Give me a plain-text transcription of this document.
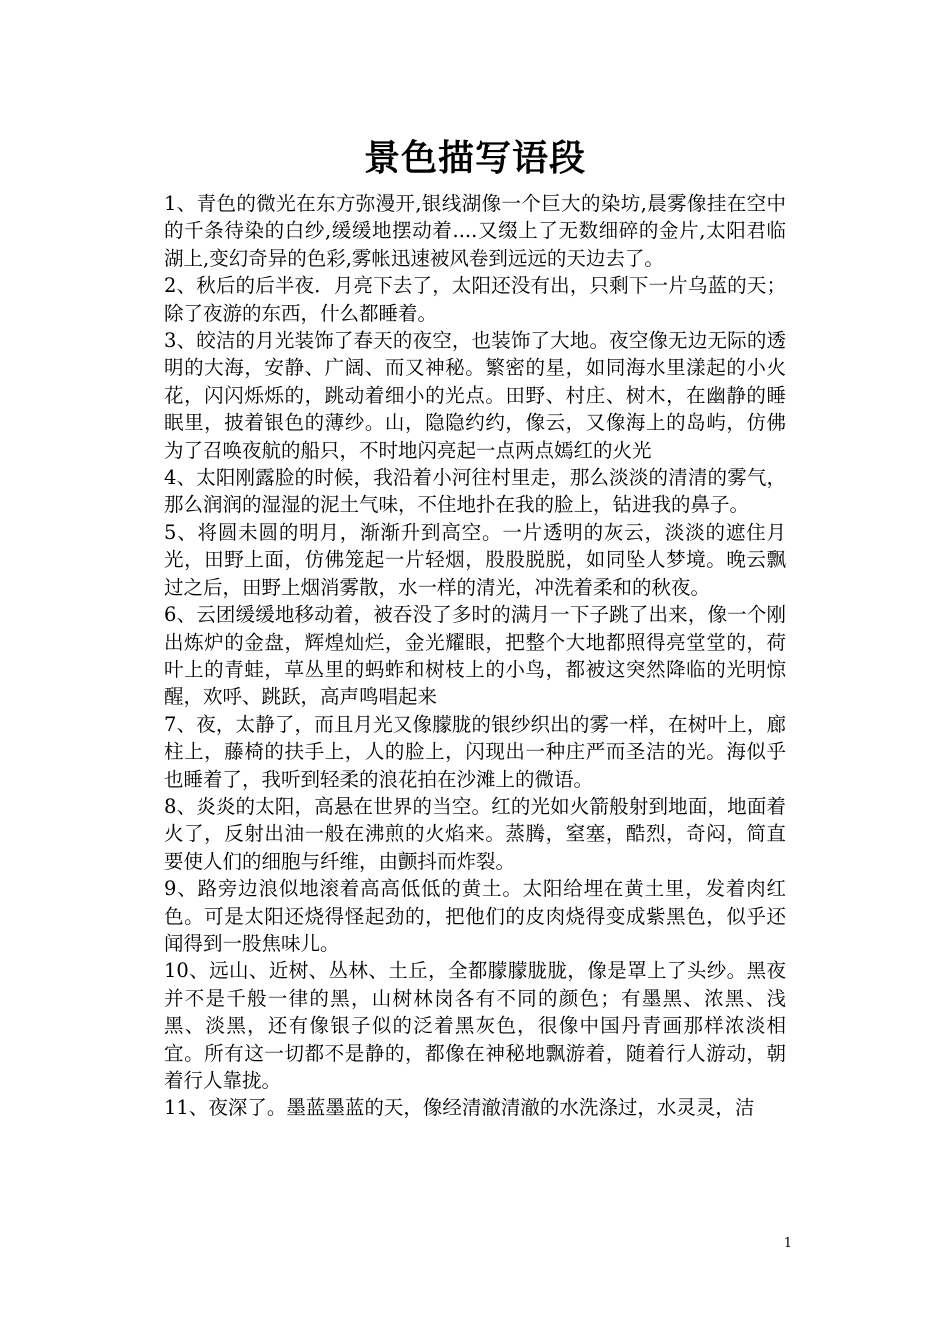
景色描写语段

1、青色的微光在东方弥漫开,银线湖像一个巨大的染坊,晨雾像挂在空中的千条待染的白纱,缓缓地摆动着....又缀上了无数细碎的金片,太阳君临湖上,变幻奇异的色彩,雾帐迅速被风卷到远远的天边去了。

2、秋后的后半夜．月亮下去了，太阳还没有出，只剩下一片乌蓝的天；除了夜游的东西，什么都睡着。

3、皎洁的月光装饰了春天的夜空，也装饰了大地。夜空像无边无际的透明的大海，安静、广阔、而又神秘。繁密的星，如同海水里漾起的小火花，闪闪烁烁的，跳动着细小的光点。田野、村庄、树木，在幽静的睡眠里，披着银色的薄纱。山，隐隐约约，像云，又像海上的岛屿，仿佛为了召唤夜航的船只，不时地闪亮起一点两点嫣红的火光

4、太阳刚露脸的时候，我沿着小河往村里走，那么淡淡的清清的雾气，那么润润的湿湿的泥土气味，不住地扑在我的脸上，钻进我的鼻子。

5、将圆未圆的明月，渐渐升到高空。一片透明的灰云，淡淡的遮住月光，田野上面，仿佛笼起一片轻烟，股股脱脱，如同坠人梦境。晚云飘过之后，田野上烟消雾散，水一样的清光，冲洗着柔和的秋夜。

6、云团缓缓地移动着，被吞没了多时的满月一下子跳了出来，像一个刚出炼炉的金盘，辉煌灿烂，金光耀眼，把整个大地都照得亮堂堂的，荷叶上的青蛙，草丛里的蚂蚱和树枝上的小鸟，都被这突然降临的光明惊醒，欢呼、跳跃，高声鸣唱起来

7、夜，太静了，而且月光又像朦胧的银纱织出的雾一样，在树叶上，廊柱上，藤椅的扶手上，人的脸上，闪现出一种庄严而圣洁的光。海似乎也睡着了，我听到轻柔的浪花拍在沙滩上的微语。

8、炎炎的太阳，高悬在世界的当空。红的光如火箭般射到地面，地面着火了，反射出油一般在沸煎的火焰来。蒸腾，窒塞，酷烈，奇闷，简直要使人们的细胞与纤维，由颤抖而炸裂。

9、路旁边浪似地滚着高高低低的黄土。太阳给埋在黄土里，发着肉红色。可是太阳还烧得怪起劲的，把他们的皮肉烧得变成紫黑色，似乎还闻得到一股焦味儿。

10、远山、近树、丛林、土丘，全都朦朦胧胧，像是罩上了头纱。黑夜并不是千般一律的黑，山树林岗各有不同的颜色；有墨黑、浓黑、浅黑、淡黑，还有像银子似的泛着黑灰色，很像中国丹青画那样浓淡相宜。所有这一切都不是静的，都像在神秘地飘游着，随着行人游动，朝着行人靠拢。

11、夜深了。墨蓝墨蓝的天，像经清澈清澈的水洗涤过，水灵灵，洁

1
